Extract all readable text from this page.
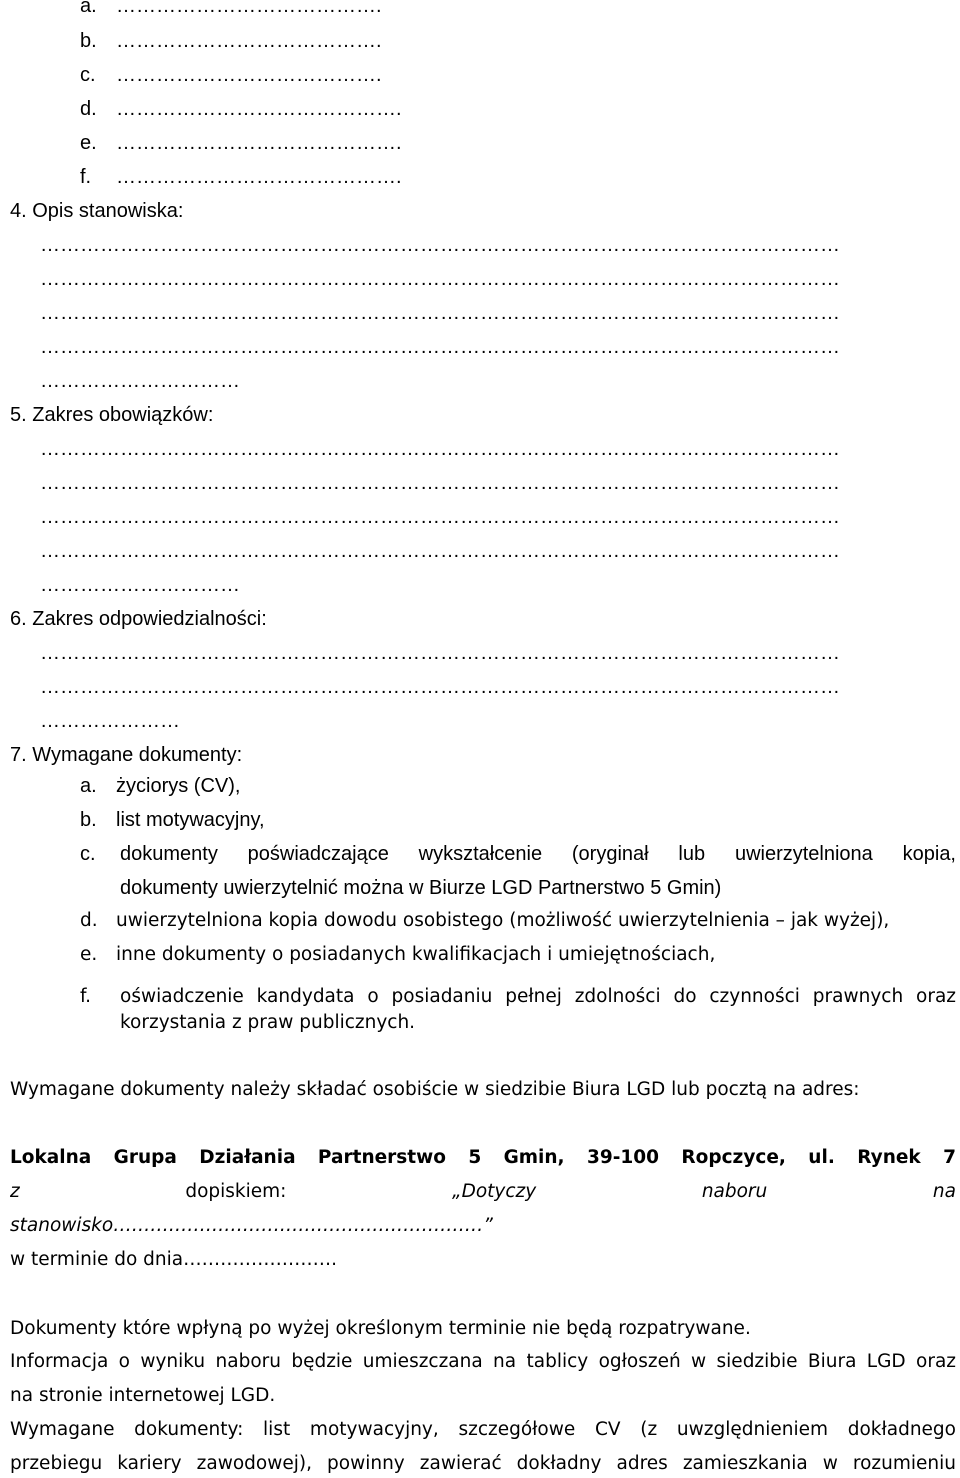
a. ………………………………….
b. ………………………………….
c. ………………………………….
d. …………………………………….
e. …………………………………….
f. …………………………………….
4. Opis stanowiska:
…………………………………………………………………………………………………………
…………………………………………………………………………………………………………
…………………………………………………………………………………………………………
…………………………………………………………………………………………………………
…………………………
5. Zakres obowiązków:
…………………………………………………………………………………………………………
…………………………………………………………………………………………………………
…………………………………………………………………………………………………………
…………………………………………………………………………………………………………
…………………………
6. Zakres odpowiedzialności:
…………………………………………………………………………………………………………
…………………………………………………………………………………………………………
…………………
7. Wymagane dokumenty:
a. życiorys (CV),
b. list motywacyjny,
c. dokumenty poświadczające wykształcenie (oryginał lub uwierzytelniona kopia,
dokumenty uwierzytelnić można w Biurze LGD Partnerstwo 5 Gmin)
d. uwierzytelniona kopia dowodu osobistego (możliwość uwierzytelnienia – jak wyżej),
e. inne dokumenty o posiadanych kwalifikacjach i umiejętnościach,
f. oświadczenie kandydata o posiadaniu pełnej zdolności do czynności prawnych oraz
korzystania z praw publicznych.
Wymagane dokumenty należy składać osobiście w siedzibie Biura LGD lub pocztą na adres:
Lokalna Grupa Działania Partnerstwo 5 Gmin, 39-100 Ropczyce, ul. Rynek 7
z	dopiskiem:	„Dotyczy	naboru	na
stanowisko……………………………………………………”
w terminie do dnia…………………….
Dokumenty które wpłyną po wyżej określonym terminie nie będą rozpatrywane.
Informacja o wyniku naboru będzie umieszczana na tablicy ogłoszeń w siedzibie Biura LGD oraz
na stronie internetowej LGD.
Wymagane dokumenty: list motywacyjny, szczegółowe CV (z uwzględnieniem dokładnego
przebiegu kariery zawodowej), powinny zawierać dokładny adres zamieszkania w rozumieniu
